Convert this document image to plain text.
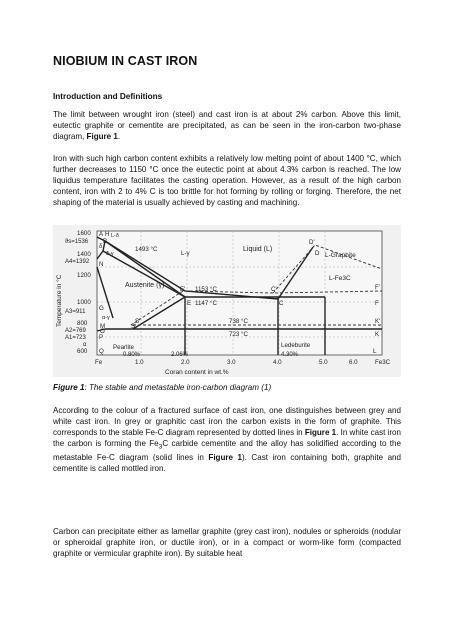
NIOBIUM IN CAST IRON
Introduction and Definitions
The limit between wrought iron (steel) and cast iron is at about 2% carbon. Above this limit, eutectic graphite or cementite are precipitated, as can be seen in the iron-carbon two-phase diagram, Figure 1.
Iron with such high carbon content exhibits a relatively low melting point of about 1400 °C, which further decreases to 1150 °C once the eutectic point at about 4.3% carbon is reached. The low liquidus temperature facilitates the casting operation. However, as a result of the high carbon content, iron with 2 to 4% C is too brittle for hot forming by rolling or forging. Therefore, the net shaping of the material is usually achieved by casting and machining.
1600
ϑs=1536
1400
A4=1392
1200
1000
A3=911
800
A2=769
A1=723
α
600
Temperature in °C
Fe	1.0	2.0	3.0	4.0	5.0	6.0	Fe3C
Coran content in wt.%
Liquid (L)
Austenite (γ)
L-Graphite
L-Fe3C
L-γ
Pearlite	Ledeburite
δ
δ-γ
L-δ
α-γ
1493 °C
1153 °C
1147 °C
738 °C
723 °C
0.80%	2.06%	4.30%
A H
B
N
G
M
O
S
P
Q
E	C
D
D'
F
F'
K
K'
C'
E'
S'
L
Figure 1: The stable and metastable iron-carbon diagram (1)
According to the colour of a fractured surface of cast iron, one distinguishes between grey and white cast iron. In grey or graphitic cast iron the carbon exists in the form of graphite. This corresponds to the stable Fe-C diagram represented by dotted lines in Figure 1. In white cast iron the carbon is forming the $Fe_3C$ carbide cementite and the alloy has solidified according to the metastable Fe-C diagram (solid lines in Figure 1). Cast iron containing both, graphite and cementite is called mottled iron.
Carbon can precipitate either as lamellar graphite (grey cast iron), nodules or spheroids (nodular or spheroidal graphite iron, or ductile iron), or in a compact or worm-like form (compacted graphite or vermicular graphite iron). By suitable heat
